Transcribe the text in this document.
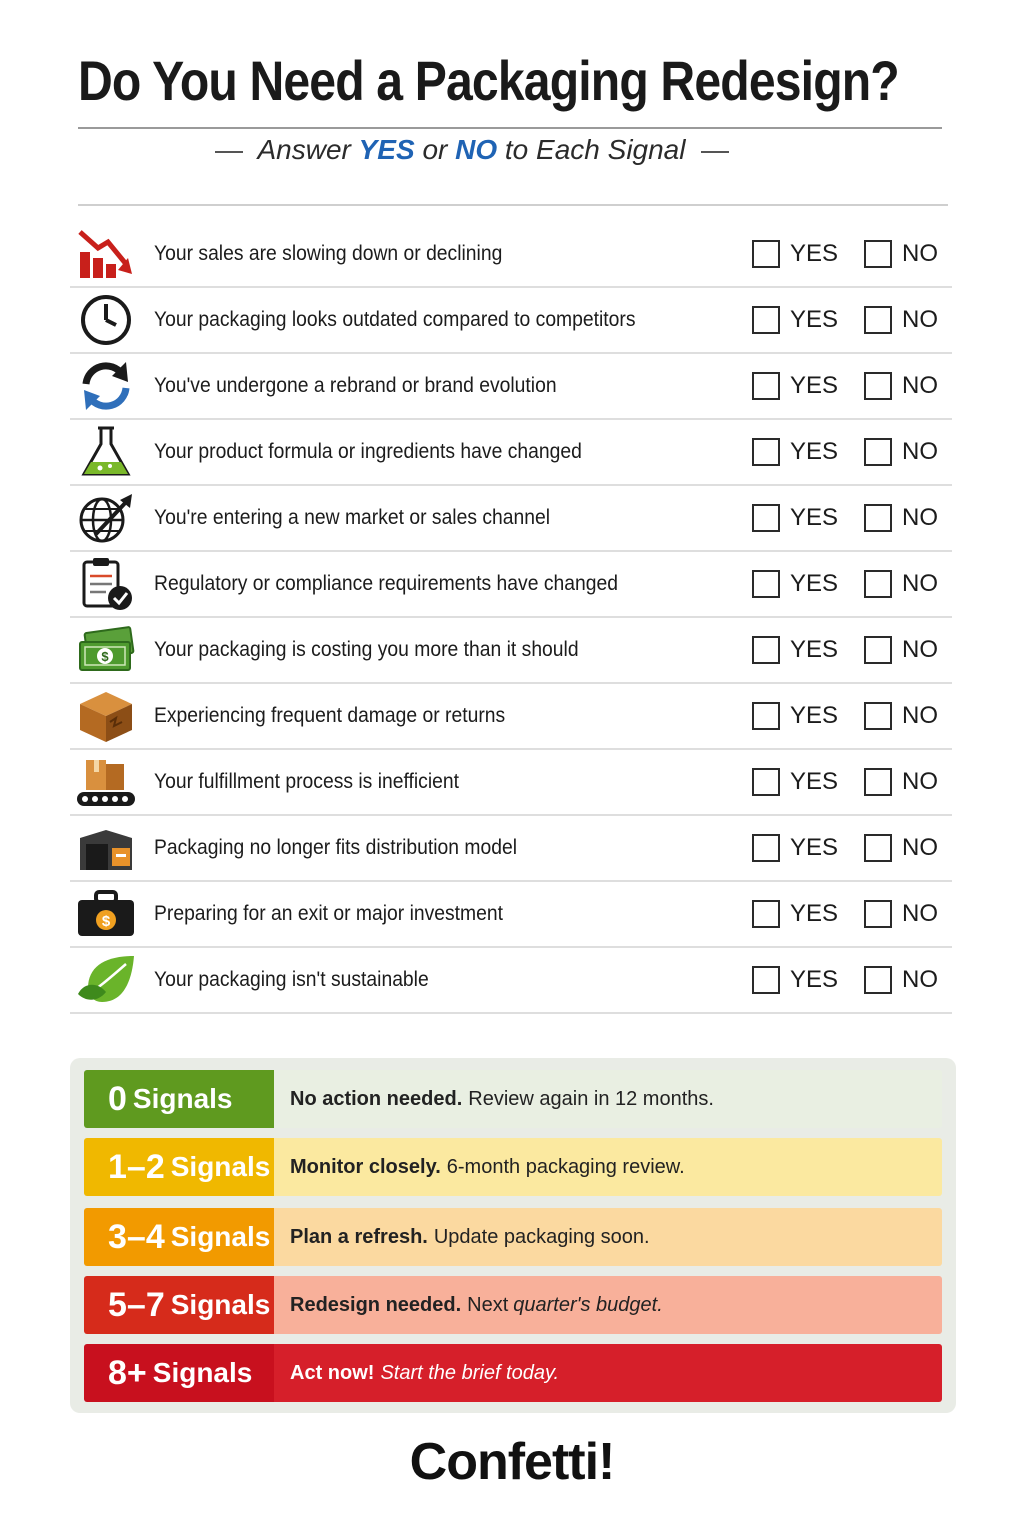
Do You Need a Packaging Redesign?
Answer YES or NO to Each Signal
Your sales are slowing down or declining	YES	NO
Your packaging looks outdated compared to competitors	YES	NO
You've undergone a rebrand or brand evolution	YES	NO
Your product formula or ingredients have changed	YES	NO
You're entering a new market or sales channel	YES	NO
Regulatory or compliance requirements have changed	YES	NO
$ Your packaging is costing you more than it should	YES	NO
Experiencing frequent damage or returns	YES	NO
Your fulfillment process is inefficient	YES	NO
Packaging no longer fits distribution model	YES	NO
$ Preparing for an exit or major investment	YES	NO
Your packaging isn't sustainable	YES	NO
0 Signals	No action needed. Review again in 12 months.
1–2 Signals Monitor closely. 6-month packaging review.
3–4 Signals Plan a refresh. Update packaging soon.
5–7 Signals Redesign needed. Next quarter's budget.
8+ Signals Act now! Start the brief today.
Confetti!
